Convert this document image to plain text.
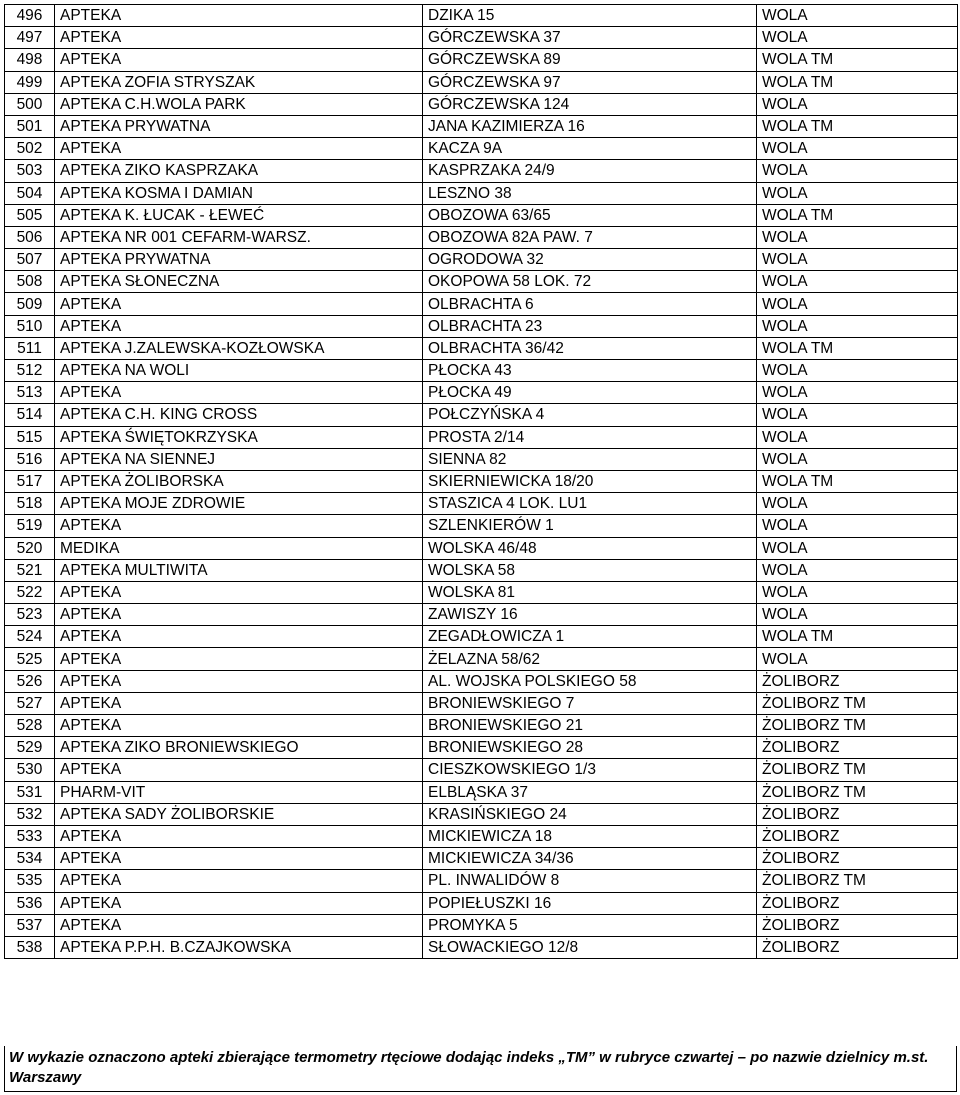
496	APTEKA	DZIKA 15	WOLA
497	APTEKA	GÓRCZEWSKA 37	WOLA
498	APTEKA	GÓRCZEWSKA 89	WOLA TM
499	APTEKA ZOFIA STRYSZAK	GÓRCZEWSKA 97	WOLA TM
500	APTEKA C.H.WOLA PARK	GÓRCZEWSKA 124	WOLA
501	APTEKA PRYWATNA	JANA KAZIMIERZA 16	WOLA TM
502	APTEKA	KACZA 9A	WOLA
503	APTEKA ZIKO KASPRZAKA	KASPRZAKA 24/9	WOLA
504	APTEKA KOSMA I DAMIAN	LESZNO 38	WOLA
505	APTEKA K. ŁUCAK - ŁEWEĆ	OBOZOWA 63/65	WOLA TM
506	APTEKA NR 001 CEFARM-WARSZ.	OBOZOWA 82A PAW. 7	WOLA
507	APTEKA PRYWATNA	OGRODOWA 32	WOLA
508	APTEKA SŁONECZNA	OKOPOWA 58 LOK. 72	WOLA
509	APTEKA	OLBRACHTA 6	WOLA
510	APTEKA	OLBRACHTA 23	WOLA
511	APTEKA J.ZALEWSKA-KOZŁOWSKA	OLBRACHTA 36/42	WOLA TM
512	APTEKA NA WOLI	PŁOCKA 43	WOLA
513	APTEKA	PŁOCKA 49	WOLA
514	APTEKA C.H. KING CROSS	POŁCZYŃSKA 4	WOLA
515	APTEKA ŚWIĘTOKRZYSKA	PROSTA 2/14	WOLA
516	APTEKA NA SIENNEJ	SIENNA 82	WOLA
517	APTEKA ŻOLIBORSKA	SKIERNIEWICKA 18/20	WOLA TM
518	APTEKA MOJE ZDROWIE	STASZICA 4 LOK. LU1	WOLA
519	APTEKA	SZLENKIERÓW 1	WOLA
520	MEDIKA	WOLSKA 46/48	WOLA
521	APTEKA MULTIWITA	WOLSKA 58	WOLA
522	APTEKA	WOLSKA 81	WOLA
523	APTEKA	ZAWISZY 16	WOLA
524	APTEKA	ZEGADŁOWICZA 1	WOLA TM
525	APTEKA	ŻELAZNA 58/62	WOLA
526	APTEKA	AL. WOJSKA POLSKIEGO 58	ŻOLIBORZ
527	APTEKA	BRONIEWSKIEGO 7	ŻOLIBORZ TM
528	APTEKA	BRONIEWSKIEGO 21	ŻOLIBORZ TM
529	APTEKA ZIKO BRONIEWSKIEGO	BRONIEWSKIEGO 28	ŻOLIBORZ
530	APTEKA	CIESZKOWSKIEGO 1/3	ŻOLIBORZ TM
531	PHARM-VIT	ELBLĄSKA 37	ŻOLIBORZ TM
532	APTEKA SADY ŻOLIBORSKIE	KRASIŃSKIEGO 24	ŻOLIBORZ
533	APTEKA	MICKIEWICZA 18	ŻOLIBORZ
534	APTEKA	MICKIEWICZA 34/36	ŻOLIBORZ
535	APTEKA	PL. INWALIDÓW 8	ŻOLIBORZ TM
536	APTEKA	POPIEŁUSZKI 16	ŻOLIBORZ
537	APTEKA	PROMYKA 5	ŻOLIBORZ
538	APTEKA P.P.H. B.CZAJKOWSKA	SŁOWACKIEGO 12/8	ŻOLIBORZ
W wykazie oznaczono apteki zbierające termometry rtęciowe dodając indeks „TM” w rubryce czwartej – po nazwie dzielnicy m.st. Warszawy
